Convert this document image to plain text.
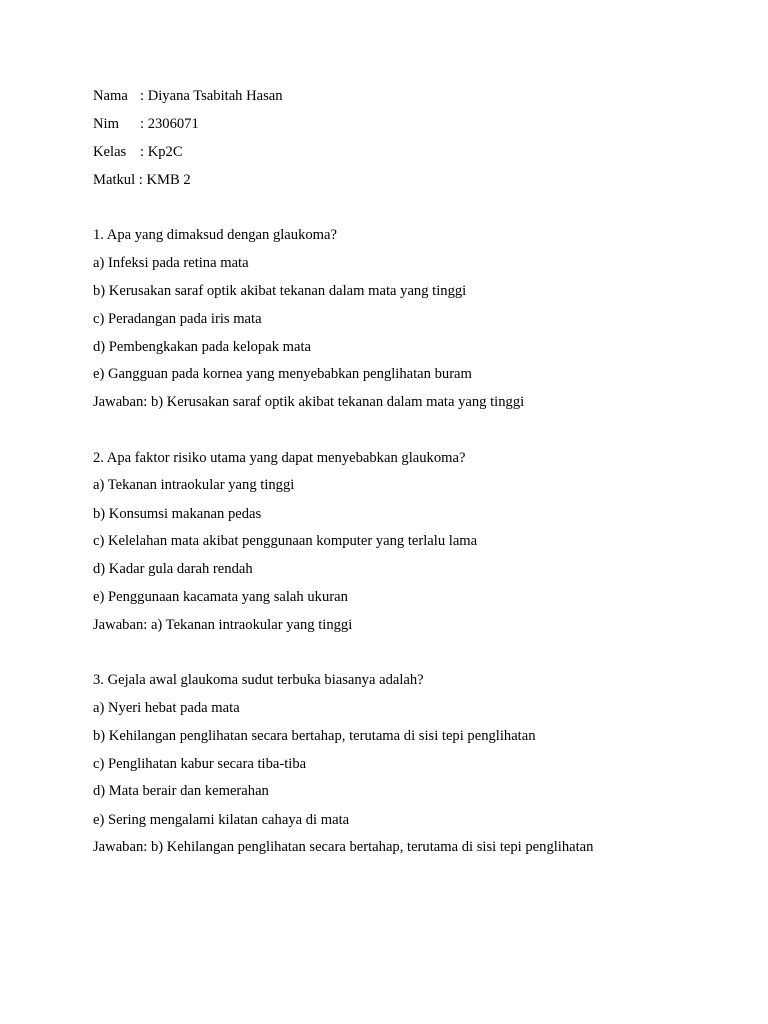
Nama : Diyana Tsabitah Hasan
Nim : 2306071
Kelas : Kp2C
Matkul : KMB 2
1. Apa yang dimaksud dengan glaukoma?
a) Infeksi pada retina mata
b) Kerusakan saraf optik akibat tekanan dalam mata yang tinggi
c) Peradangan pada iris mata
d) Pembengkakan pada kelopak mata
e) Gangguan pada kornea yang menyebabkan penglihatan buram
Jawaban: b) Kerusakan saraf optik akibat tekanan dalam mata yang tinggi
2. Apa faktor risiko utama yang dapat menyebabkan glaukoma?
a) Tekanan intraokular yang tinggi
b) Konsumsi makanan pedas
c) Kelelahan mata akibat penggunaan komputer yang terlalu lama
d) Kadar gula darah rendah
e) Penggunaan kacamata yang salah ukuran
Jawaban: a) Tekanan intraokular yang tinggi
3. Gejala awal glaukoma sudut terbuka biasanya adalah?
a) Nyeri hebat pada mata
b) Kehilangan penglihatan secara bertahap, terutama di sisi tepi penglihatan
c) Penglihatan kabur secara tiba-tiba
d) Mata berair dan kemerahan
e) Sering mengalami kilatan cahaya di mata
Jawaban: b) Kehilangan penglihatan secara bertahap, terutama di sisi tepi penglihatan
